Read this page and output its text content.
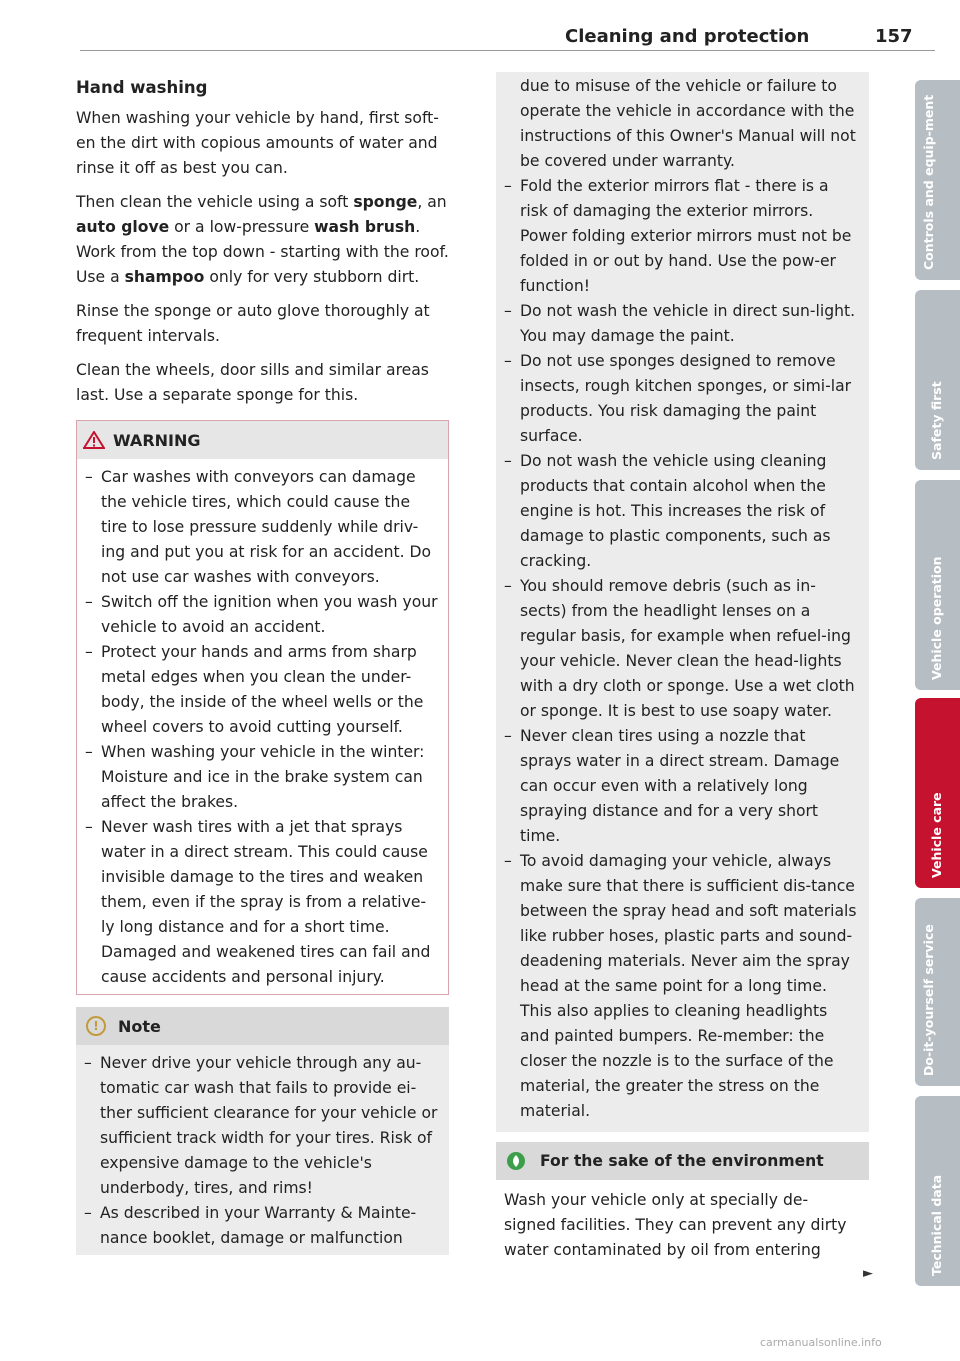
Cleaning and protection	157
Hand washing

When washing your vehicle by hand, first soft-en the dirt with copious amounts of water and rinse it off as best you can.

Then clean the vehicle using a soft sponge, an auto glove or a low-pressure wash brush. Work from the top down - starting with the roof. Use a shampoo only for very stubborn dirt.

Rinse the sponge or auto glove thoroughly at frequent intervals.

Clean the wheels, door sills and similar areas last. Use a separate sponge for this.

WARNING
– Car washes with conveyors can damage the vehicle tires, which could cause the tire to lose pressure suddenly while driv-ing and put you at risk for an accident. Do not use car washes with conveyors.
– Switch off the ignition when you wash your vehicle to avoid an accident.
– Protect your hands and arms from sharp metal edges when you clean the under-body, the inside of the wheel wells or the wheel covers to avoid cutting yourself.
– When washing your vehicle in the winter: Moisture and ice in the brake system can affect the brakes.
– Never wash tires with a jet that sprays water in a direct stream. This could cause invisible damage to the tires and weaken them, even if the spray is from a relative-ly long distance and for a short time. Damaged and weakened tires can fail and cause accidents and personal injury.
!	Note
– Never drive your vehicle through any au-tomatic car wash that fails to provide ei-ther sufficient clearance for your vehicle or sufficient track width for your tires. Risk of expensive damage to the vehicle's underbody, tires, and rims!
– As described in your Warranty & Mainte-nance booklet, damage or malfunction
due to misuse of the vehicle or failure to operate the vehicle in accordance with the instructions of this Owner's Manual will not be covered under warranty.
– Fold the exterior mirrors flat - there is a risk of damaging the exterior mirrors. Power folding exterior mirrors must not be folded in or out by hand. Use the pow-er function!
– Do not wash the vehicle in direct sun-light. You may damage the paint.
– Do not use sponges designed to remove insects, rough kitchen sponges, or simi-lar products. You risk damaging the paint surface.
– Do not wash the vehicle using cleaning products that contain alcohol when the engine is hot. This increases the risk of damage to plastic components, such as cracking.
– You should remove debris (such as in-sects) from the headlight lenses on a regular basis, for example when refuel-ing your vehicle. Never clean the head-lights with a dry cloth or sponge. Use a wet cloth or sponge. It is best to use soapy water.
– Never clean tires using a nozzle that sprays water in a direct stream. Damage can occur even with a relatively long spraying distance and for a very short time.
– To avoid damaging your vehicle, always make sure that there is sufficient dis-tance between the spray head and soft materials like rubber hoses, plastic parts and sound-deadening materials. Never aim the spray head at the same point for a long time. This also applies to cleaning headlights and painted bumpers. Re-member: the closer the nozzle is to the surface of the material, the greater the stress on the material.
For the sake of the environment
Wash your vehicle only at specially de-signed facilities. They can prevent any dirty water contaminated by oil from entering
►
Controls and equip-ment
Safety first
Vehicle operation
Vehicle care
Do-it-yourself service
Technical data
carmanualsonline.info
